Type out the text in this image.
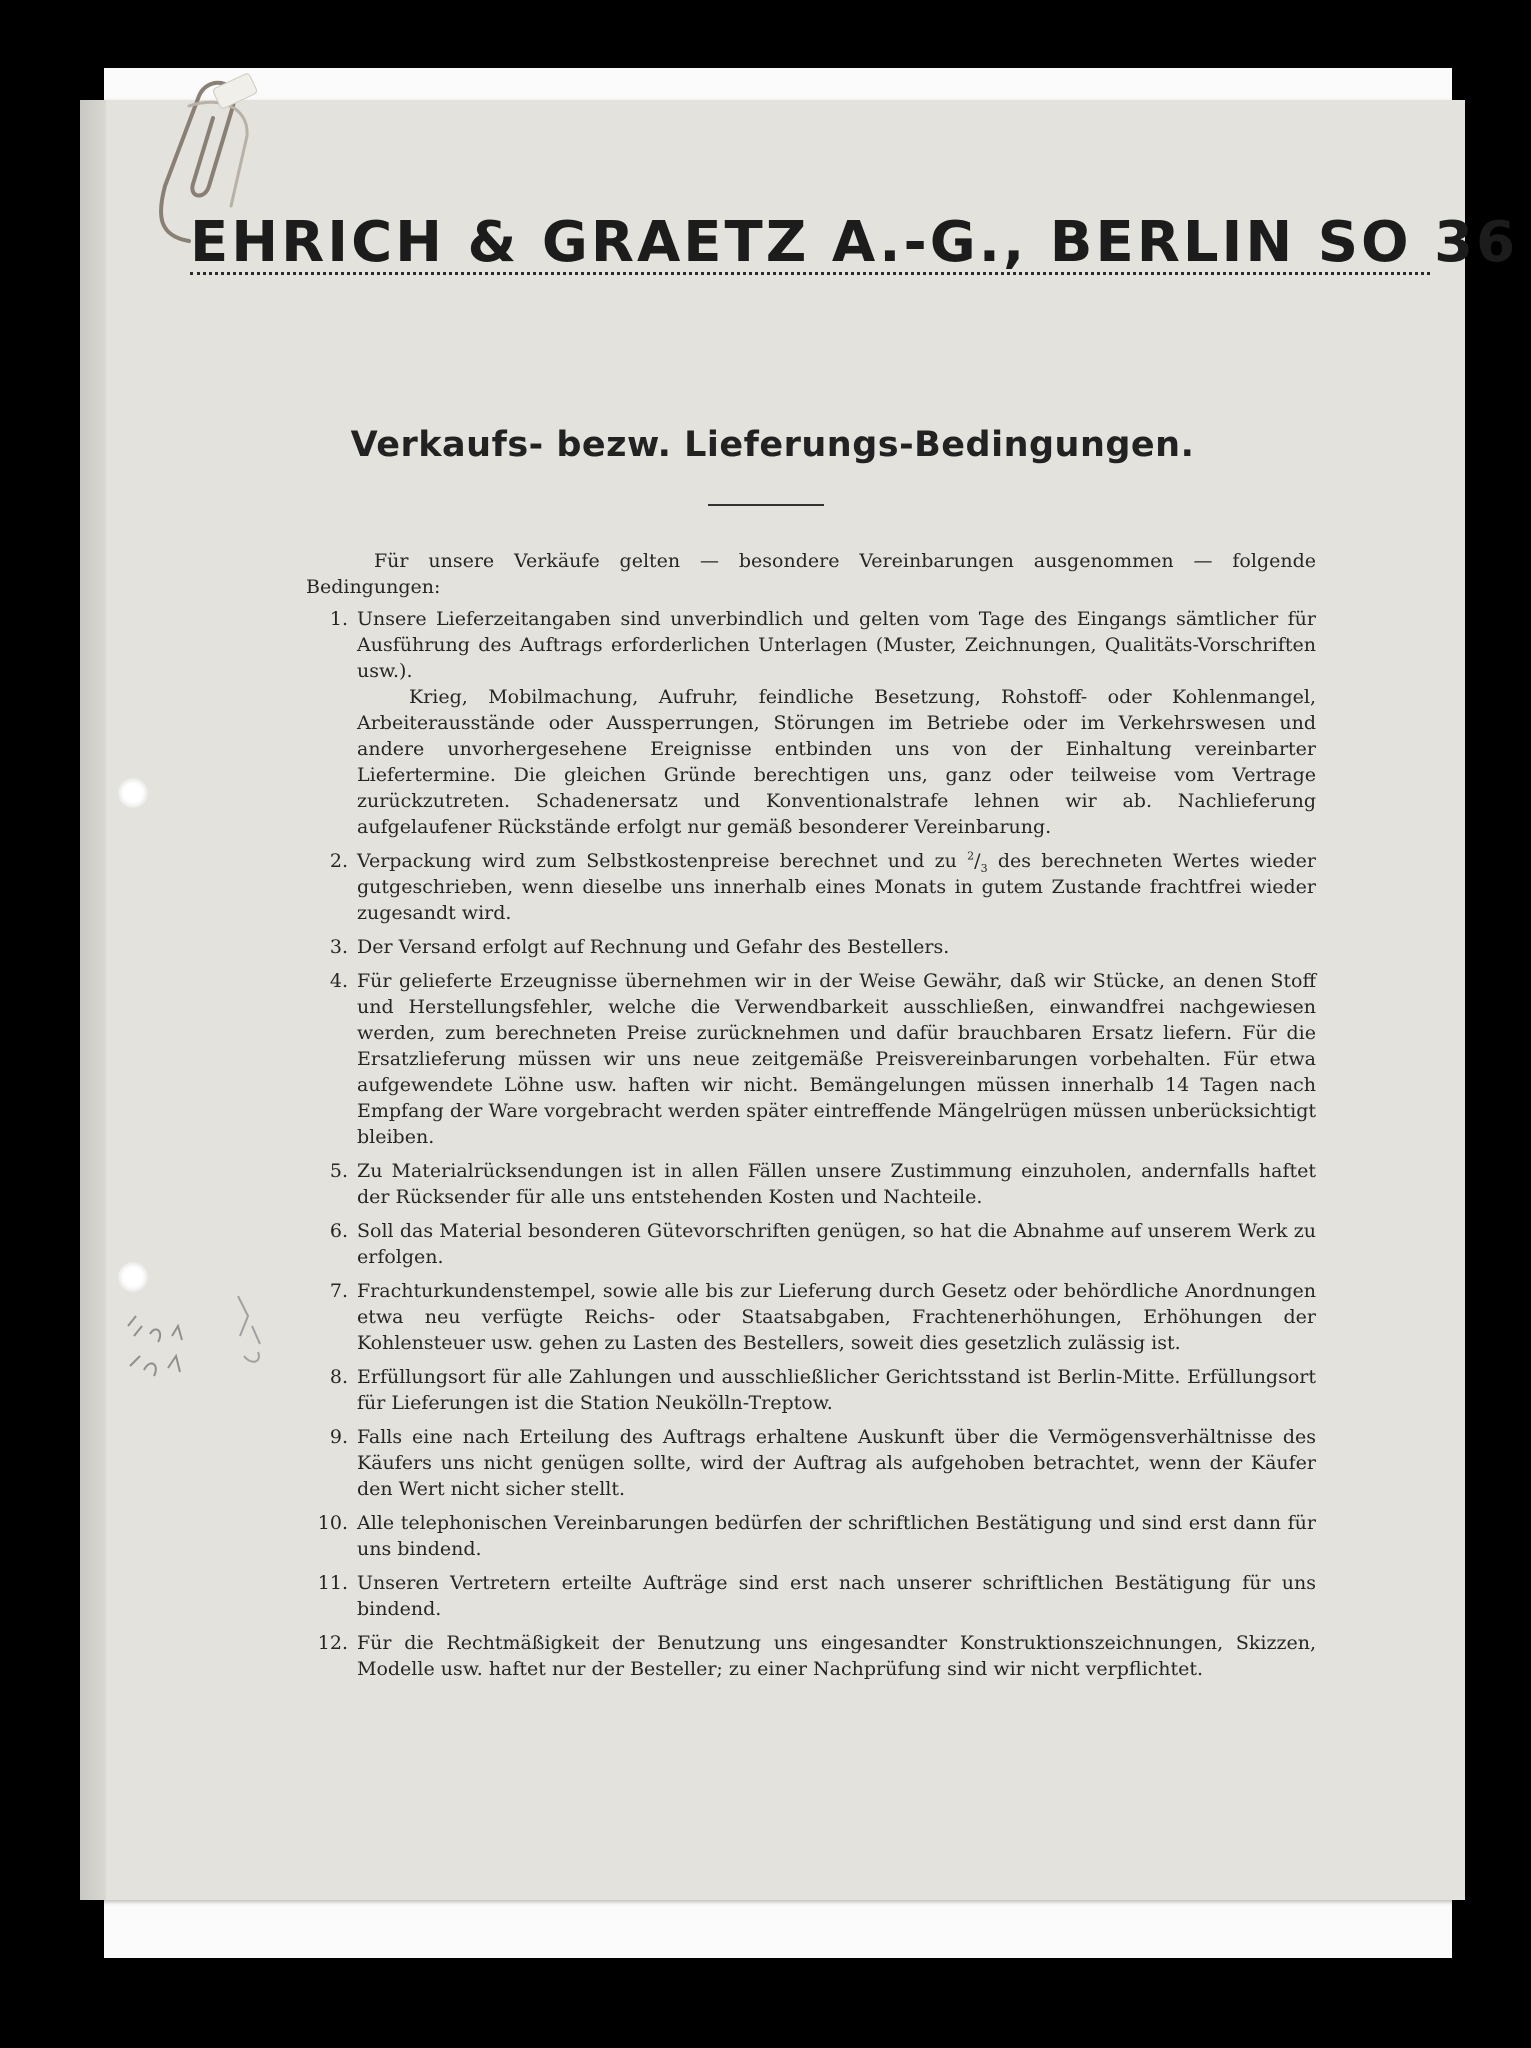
EHRICH & GRAETZ A.-G., BERLIN SO 36
Verkaufs- bezw. Lieferungs-Bedingungen.

Für unsere Verkäufe gelten — besondere Vereinbarungen ausgenommen — folgende Bedingungen:

1. Unsere Lieferzeitangaben sind unverbindlich und gelten vom Tage des Eingangs sämtlicher für Ausführung des Auftrags erforderlichen Unterlagen (Muster, Zeichnungen, Qualitäts-Vorschriften usw.).
Krieg, Mobilmachung, Aufruhr, feindliche Besetzung, Rohstoff- oder Kohlenmangel, Arbeiterausstände oder Aussperrungen, Störungen im Betriebe oder im Verkehrswesen und andere unvorhergesehene Ereignisse entbinden uns von der Einhaltung vereinbarter Liefertermine. Die gleichen Gründe berechtigen uns, ganz oder teilweise vom Vertrage zurückzutreten. Schadenersatz und Konventionalstrafe lehnen wir ab. Nachlieferung aufgelaufener Rückstände erfolgt nur gemäß besonderer Vereinbarung.
2. Verpackung wird zum Selbstkostenpreise berechnet und zu $^2/_3$ des berechneten Wertes wieder gutgeschrieben, wenn dieselbe uns innerhalb eines Monats in gutem Zustande frachtfrei wieder zugesandt wird.
3. Der Versand erfolgt auf Rechnung und Gefahr des Bestellers.
4. Für gelieferte Erzeugnisse übernehmen wir in der Weise Gewähr, daß wir Stücke, an denen Stoff und Herstellungsfehler, welche die Verwendbarkeit ausschließen, einwandfrei nachgewiesen werden, zum berechneten Preise zurücknehmen und dafür brauchbaren Ersatz liefern. Für die Ersatzlieferung müssen wir uns neue zeitgemäße Preisvereinbarungen vorbehalten. Für etwa aufgewendete Löhne usw. haften wir nicht. Bemängelungen müssen innerhalb 14 Tagen nach Empfang der Ware vorgebracht werden später eintreffende Mängelrügen müssen unberücksichtigt bleiben.
5. Zu Materialrücksendungen ist in allen Fällen unsere Zustimmung einzuholen, andernfalls haftet der Rücksender für alle uns entstehenden Kosten und Nachteile.
6. Soll das Material besonderen Gütevorschriften genügen, so hat die Abnahme auf unserem Werk zu erfolgen.
7. Frachturkundenstempel, sowie alle bis zur Lieferung durch Gesetz oder behördliche Anordnungen etwa neu verfügte Reichs- oder Staatsabgaben, Frachtenerhöhungen, Erhöhungen der Kohlensteuer usw. gehen zu Lasten des Bestellers, soweit dies gesetzlich zulässig ist.
8. Erfüllungsort für alle Zahlungen und ausschließlicher Gerichtsstand ist Berlin-Mitte. Erfüllungsort für Lieferungen ist die Station Neukölln-Treptow.
9. Falls eine nach Erteilung des Auftrags erhaltene Auskunft über die Vermögensverhältnisse des Käufers uns nicht genügen sollte, wird der Auftrag als aufgehoben betrachtet, wenn der Käufer den Wert nicht sicher stellt.
10. Alle telephonischen Vereinbarungen bedürfen der schriftlichen Bestätigung und sind erst dann für uns bindend.
11. Unseren Vertretern erteilte Aufträge sind erst nach unserer schriftlichen Bestätigung für uns bindend.
12. Für die Rechtmäßigkeit der Benutzung uns eingesandter Konstruktionszeichnungen, Skizzen, Modelle usw. haftet nur der Besteller; zu einer Nachprüfung sind wir nicht verpflichtet.
